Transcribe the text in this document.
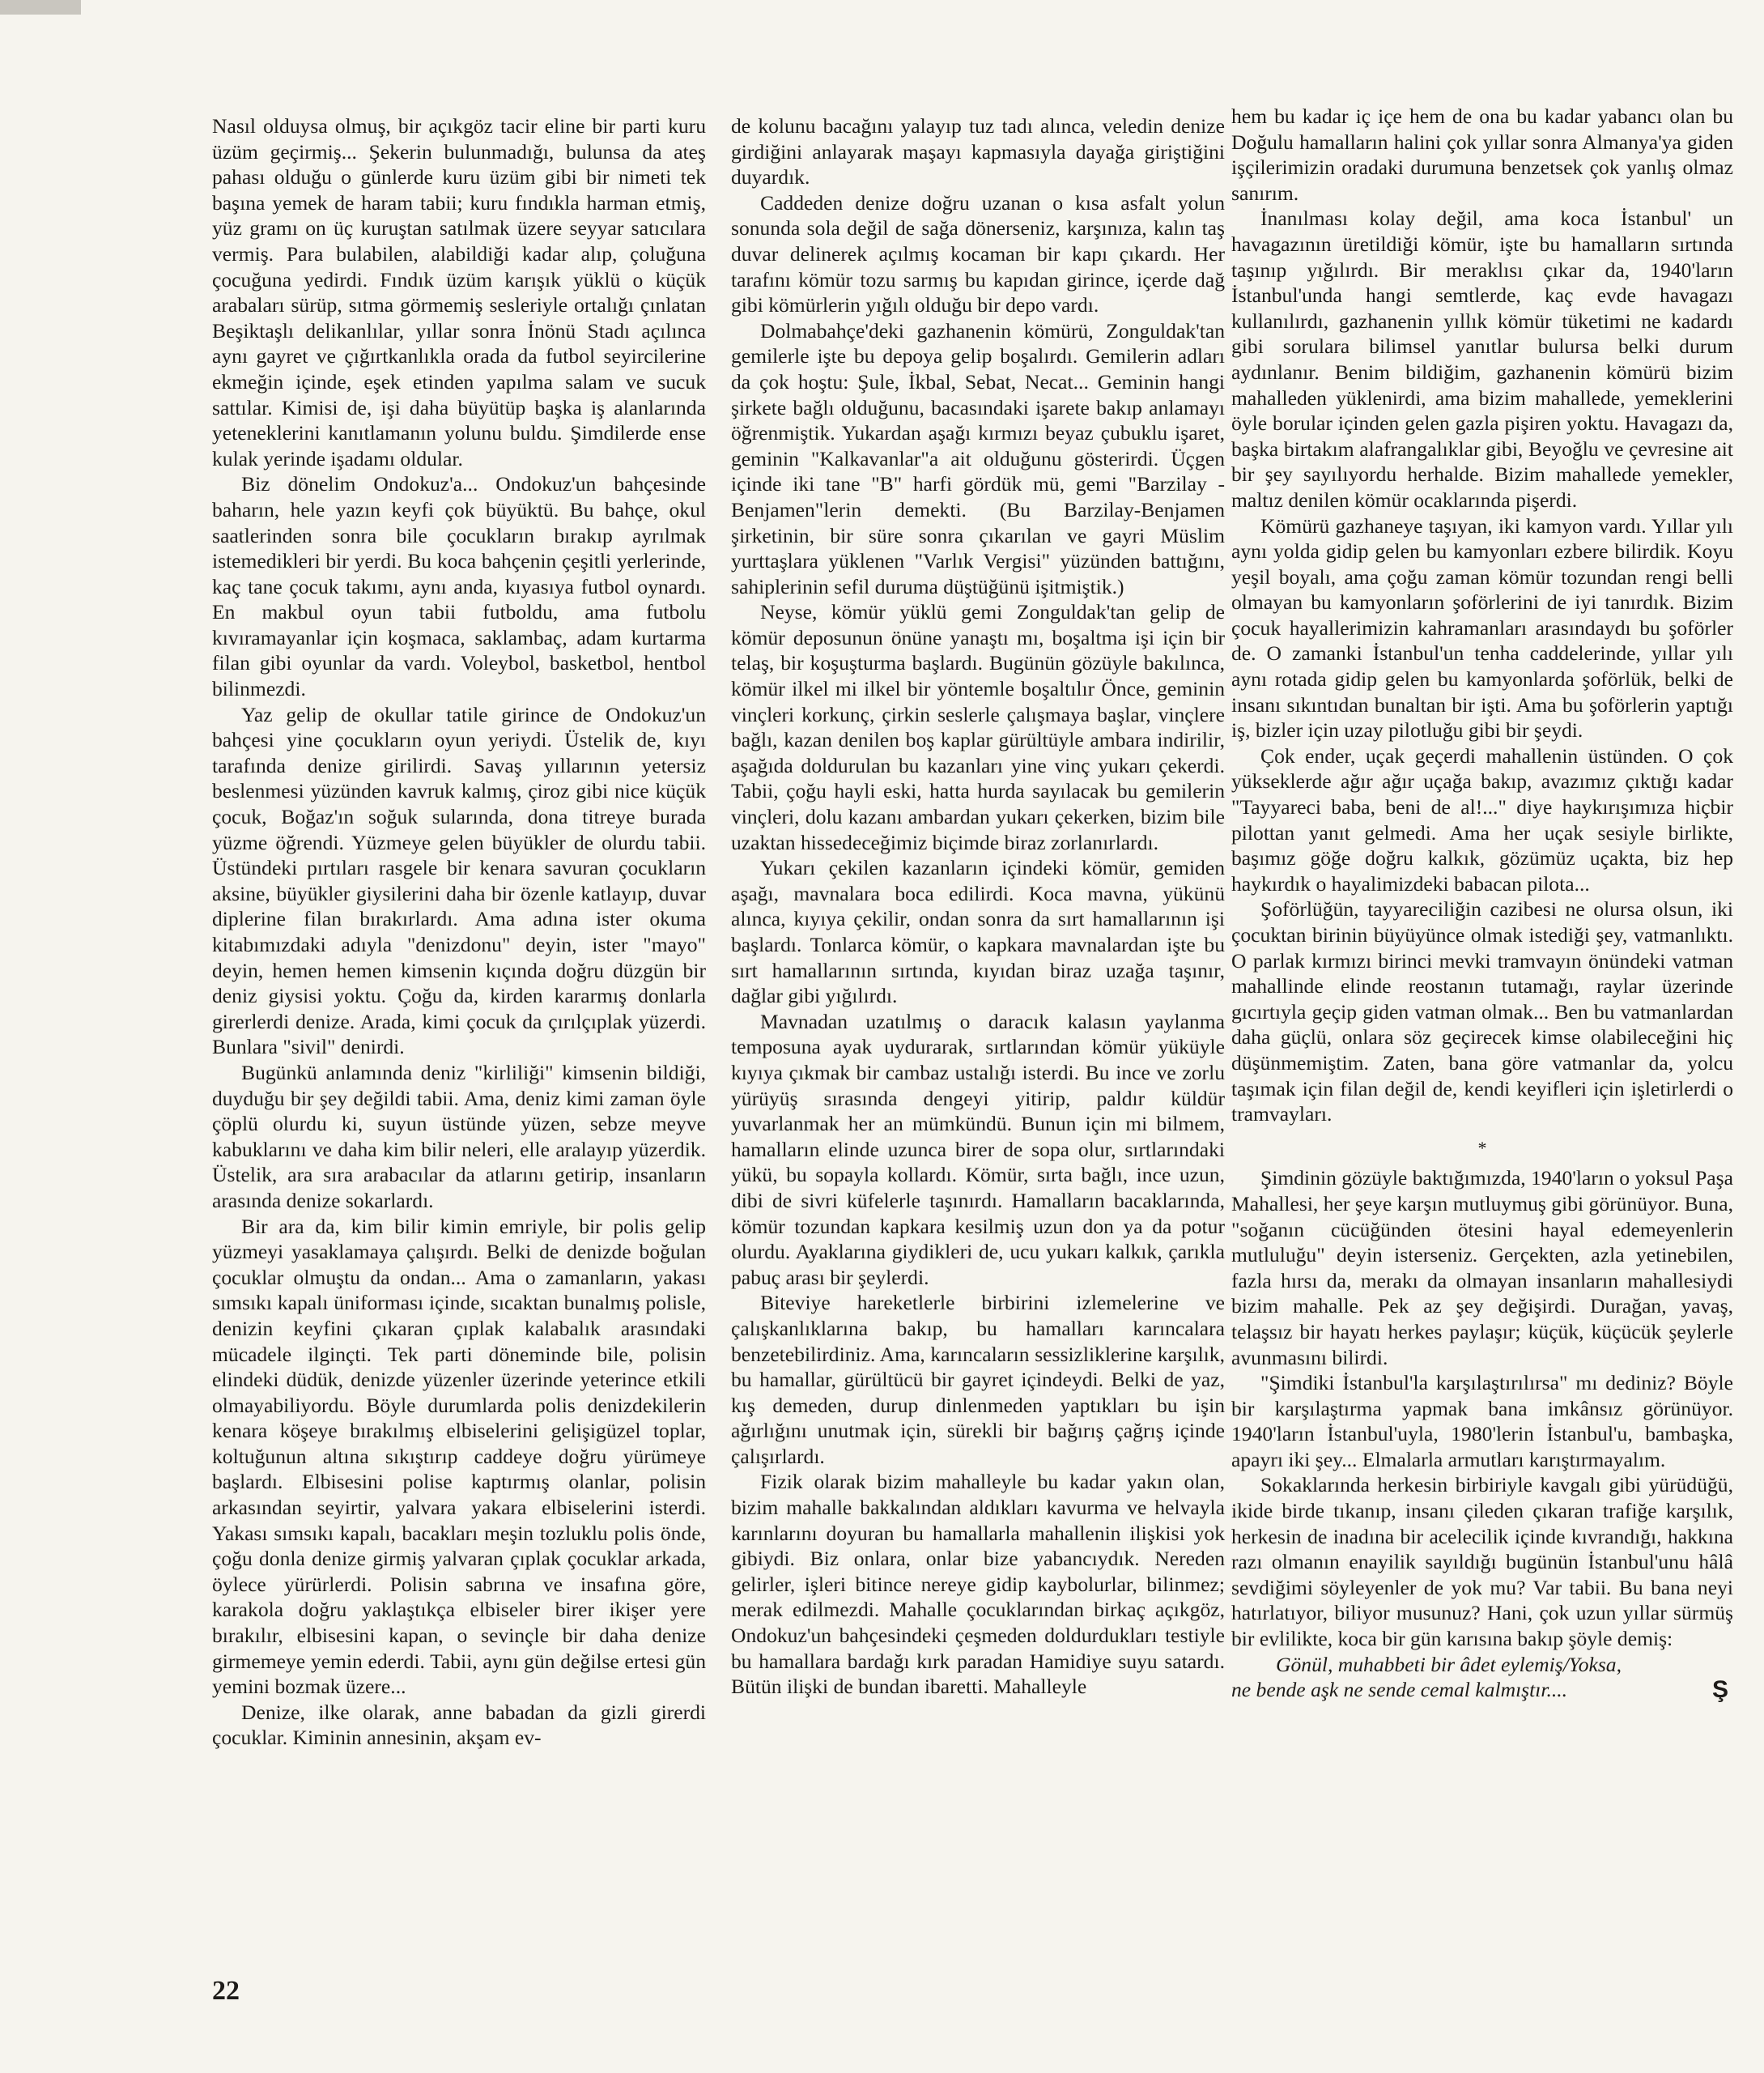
Nasıl olduysa olmuş, bir açıkgöz tacir eline bir parti kuru üzüm geçirmiş... Şekerin bulunmadığı, bulunsa da ateş pahası olduğu o günlerde kuru üzüm gibi bir nimeti tek başına yemek de haram tabii; kuru fındıkla harman etmiş, yüz gramı on üç kuruştan satılmak üzere seyyar satıcılara vermiş. Para bulabilen, alabildiği kadar alıp, çoluğuna çocuğuna yedirdi. Fındık üzüm karışık yüklü o küçük arabaları sürüp, sıtma görmemiş sesleriyle ortalığı çınlatan Beşiktaşlı delikanlılar, yıllar sonra İnönü Stadı açılınca aynı gayret ve çığırtkanlıkla orada da futbol seyircilerine ekmeğin içinde, eşek etinden yapılma salam ve sucuk sattılar. Kimisi de, işi daha büyütüp başka iş alanlarında yeteneklerini kanıtlamanın yolunu buldu. Şimdilerde ense kulak yerinde işadamı oldular.

Biz dönelim Ondokuz'a... Ondokuz'un bahçesinde baharın, hele yazın keyfi çok büyüktü. Bu bahçe, okul saatlerinden sonra bile çocukların bırakıp ayrılmak istemedikleri bir yerdi. Bu koca bahçenin çeşitli yerlerinde, kaç tane çocuk takımı, aynı anda, kıyasıya futbol oynardı. En makbul oyun tabii futboldu, ama futbolu kıvıramayanlar için koşmaca, saklambaç, adam kurtarma filan gibi oyunlar da vardı. Voleybol, basketbol, hentbol bilinmezdi.

Yaz gelip de okullar tatile girince de Ondokuz'un bahçesi yine çocukların oyun yeriydi. Üstelik de, kıyı tarafında denize girilirdi. Savaş yıllarının yetersiz beslenmesi yüzünden kavruk kalmış, çiroz gibi nice küçük çocuk, Boğaz'ın soğuk sularında, dona titreye burada yüzme öğrendi. Yüzmeye gelen büyükler de olurdu tabii. Üstündeki pırtıları rasgele bir kenara savuran çocukların aksine, büyükler giysilerini daha bir özenle katlayıp, duvar diplerine filan bırakırlardı. Ama adına ister okuma kitabımızdaki adıyla "denizdonu" deyin, ister "mayo" deyin, hemen hemen kimsenin kıçında doğru düzgün bir deniz giysisi yoktu. Çoğu da, kirden kararmış donlarla girerlerdi denize. Arada, kimi çocuk da çırılçıplak yüzerdi. Bunlara "sivil" denirdi.

Bugünkü anlamında deniz "kirliliği" kimsenin bildiği, duyduğu bir şey değildi tabii. Ama, deniz kimi zaman öyle çöplü olurdu ki, suyun üstünde yüzen, sebze meyve kabuklarını ve daha kim bilir neleri, elle aralayıp yüzerdik. Üstelik, ara sıra arabacılar da atlarını getirip, insanların arasında denize sokarlardı.

Bir ara da, kim bilir kimin emriyle, bir polis gelip yüzmeyi yasaklamaya çalışırdı. Belki de denizde boğulan çocuklar olmuştu da ondan... Ama o zamanların, yakası sımsıkı kapalı üniforması içinde, sıcaktan bunalmış polisle, denizin keyfini çıkaran çıplak kalabalık arasındaki mücadele ilginçti. Tek parti döneminde bile, polisin elindeki düdük, denizde yüzenler üzerinde yeterince etkili olmayabiliyordu. Böyle durumlarda polis denizdekilerin kenara köşeye bırakılmış elbiselerini gelişigüzel toplar, koltuğunun altına sıkıştırıp caddeye doğru yürümeye başlardı. Elbisesini polise kaptırmış olanlar, polisin arkasından seyirtir, yalvara yakara elbiselerini isterdi. Yakası sımsıkı kapalı, bacakları meşin tozluklu polis önde, çoğu donla denize girmiş yalvaran çıplak çocuklar arkada, öylece yürürlerdi. Polisin sabrına ve insafına göre, karakola doğru yaklaştıkça elbiseler birer ikişer yere bırakılır, elbisesini kapan, o sevinçle bir daha denize girmemeye yemin ederdi. Tabii, aynı gün değilse ertesi gün yemini bozmak üzere...

Denize, ilke olarak, anne babadan da gizli girerdi çocuklar. Kiminin annesinin, akşam ev-

de kolunu bacağını yalayıp tuz tadı alınca, veledin denize girdiğini anlayarak maşayı kapmasıyla dayağa giriştiğini duyardık.

Caddeden denize doğru uzanan o kısa asfalt yolun sonunda sola değil de sağa dönerseniz, karşınıza, kalın taş duvar delinerek açılmış kocaman bir kapı çıkardı. Her tarafını kömür tozu sarmış bu kapıdan girince, içerde dağ gibi kömürlerin yığılı olduğu bir depo vardı.

Dolmabahçe'deki gazhanenin kömürü, Zonguldak'tan gemilerle işte bu depoya gelip boşalırdı. Gemilerin adları da çok hoştu: Şule, İkbal, Sebat, Necat... Geminin hangi şirkete bağlı olduğunu, bacasındaki işarete bakıp anlamayı öğrenmiştik. Yukardan aşağı kırmızı beyaz çubuklu işaret, geminin "Kalkavanlar"a ait olduğunu gösterirdi. Üçgen içinde iki tane "B" harfi gördük mü, gemi "Barzilay - Benjamen"lerin demekti. (Bu Barzilay-Benjamen şirketinin, bir süre sonra çıkarılan ve gayri Müslim yurttaşlara yüklenen "Varlık Vergisi" yüzünden battığını, sahiplerinin sefil duruma düştüğünü işitmiştik.)

Neyse, kömür yüklü gemi Zonguldak'tan gelip de kömür deposunun önüne yanaştı mı, boşaltma işi için bir telaş, bir koşuşturma başlardı. Bugünün gözüyle bakılınca, kömür ilkel mi ilkel bir yöntemle boşaltılır Önce, geminin vinçleri korkunç, çirkin seslerle çalışmaya başlar, vinçlere bağlı, kazan denilen boş kaplar gürültüyle ambara indirilir, aşağıda doldurulan bu kazanları yine vinç yukarı çekerdi. Tabii, çoğu hayli eski, hatta hurda sayılacak bu gemilerin vinçleri, dolu kazanı ambardan yukarı çekerken, bizim bile uzaktan hissedeceğimiz biçimde biraz zorlanırlardı.

Yukarı çekilen kazanların içindeki kömür, gemiden aşağı, mavnalara boca edilirdi. Koca mavna, yükünü alınca, kıyıya çekilir, ondan sonra da sırt hamallarının işi başlardı. Tonlarca kömür, o kapkara mavnalardan işte bu sırt hamallarının sırtında, kıyıdan biraz uzağa taşınır, dağlar gibi yığılırdı.

Mavnadan uzatılmış o daracık kalasın yaylanma temposuna ayak uydurarak, sırtlarından kömür yüküyle kıyıya çıkmak bir cambaz ustalığı isterdi. Bu ince ve zorlu yürüyüş sırasında dengeyi yitirip, paldır küldür yuvarlanmak her an mümkündü. Bunun için mi bilmem, hamalların elinde uzunca birer de sopa olur, sırtlarındaki yükü, bu sopayla kollardı. Kömür, sırta bağlı, ince uzun, dibi de sivri küfelerle taşınırdı. Hamalların bacaklarında, kömür tozundan kapkara kesilmiş uzun don ya da potur olurdu. Ayaklarına giydikleri de, ucu yukarı kalkık, çarıkla pabuç arası bir şeylerdi.

Biteviye hareketlerle birbirini izlemelerine ve çalışkanlıklarına bakıp, bu hamalları karıncalara benzetebilirdiniz. Ama, karıncaların sessizliklerine karşılık, bu hamallar, gürültücü bir gayret içindeydi. Belki de yaz, kış demeden, durup dinlenmeden yaptıkları bu işin ağırlığını unutmak için, sürekli bir bağırış çağrış içinde çalışırlardı.

Fizik olarak bizim mahalleyle bu kadar yakın olan, bizim mahalle bakkalından aldıkları kavurma ve helvayla karınlarını doyuran bu hamallarla mahallenin ilişkisi yok gibiydi. Biz onlara, onlar bize yabancıydık. Nereden gelirler, işleri bitince nereye gidip kaybolurlar, bilinmez; merak edilmezdi. Mahalle çocuklarından birkaç açıkgöz, Ondokuz'un bahçesindeki çeşmeden doldurdukları testiyle bu hamallara bardağı kırk paradan Hamidiye suyu satardı. Bütün ilişki de bundan ibaretti. Mahalleyle

hem bu kadar iç içe hem de ona bu kadar yabancı olan bu Doğulu hamalların halini çok yıllar sonra Almanya'ya giden işçilerimizin oradaki durumuna benzetsek çok yanlış olmaz sanırım.

İnanılması kolay değil, ama koca İstanbul' un havagazının üretildiği kömür, işte bu hamalların sırtında taşınıp yığılırdı. Bir meraklısı çıkar da, 1940'ların İstanbul'unda hangi semtlerde, kaç evde havagazı kullanılırdı, gazhanenin yıllık kömür tüketimi ne kadardı gibi sorulara bilimsel yanıtlar bulursa belki durum aydınlanır. Benim bildiğim, gazhanenin kömürü bizim mahalleden yüklenirdi, ama bizim mahallede, yemeklerini öyle borular içinden gelen gazla pişiren yoktu. Havagazı da, başka birtakım alafrangalıklar gibi, Beyoğlu ve çevresine ait bir şey sayılıyordu herhalde. Bizim mahallede yemekler, maltız denilen kömür ocaklarında pişerdi.

Kömürü gazhaneye taşıyan, iki kamyon vardı. Yıllar yılı aynı yolda gidip gelen bu kamyonları ezbere bilirdik. Koyu yeşil boyalı, ama çoğu zaman kömür tozundan rengi belli olmayan bu kamyonların şoförlerini de iyi tanırdık. Bizim çocuk hayallerimizin kahramanları arasındaydı bu şoförler de. O zamanki İstanbul'un tenha caddelerinde, yıllar yılı aynı rotada gidip gelen bu kamyonlarda şoförlük, belki de insanı sıkıntıdan bunaltan bir işti. Ama bu şoförlerin yaptığı iş, bizler için uzay pilotluğu gibi bir şeydi.

Çok ender, uçak geçerdi mahallenin üstünden. O çok yükseklerde ağır ağır uçağa bakıp, avazımız çıktığı kadar "Tayyareci baba, beni de al!..." diye haykırışımıza hiçbir pilottan yanıt gelmedi. Ama her uçak sesiyle birlikte, başımız göğe doğru kalkık, gözümüz uçakta, biz hep haykırdık o hayalimizdeki babacan pilota...

Şoförlüğün, tayyareciliğin cazibesi ne olursa olsun, iki çocuktan birinin büyüyünce olmak istediği şey, vatmanlıktı. O parlak kırmızı birinci mevki tramvayın önündeki vatman mahallinde elinde reostanın tutamağı, raylar üzerinde gıcırtıyla geçip giden vatman olmak... Ben bu vatmanlardan daha güçlü, onlara söz geçirecek kimse olabileceğini hiç düşünmemiştim. Zaten, bana göre vatmanlar da, yolcu taşımak için filan değil de, kendi keyifleri için işletirlerdi o tramvayları.

*

Şimdinin gözüyle baktığımızda, 1940'ların o yoksul Paşa Mahallesi, her şeye karşın mutluymuş gibi görünüyor. Buna, "soğanın cücüğünden ötesini hayal edemeyenlerin mutluluğu" deyin isterseniz. Gerçekten, azla yetinebilen, fazla hırsı da, merakı da olmayan insanların mahallesiydi bizim mahalle. Pek az şey değişirdi. Durağan, yavaş, telaşsız bir hayatı herkes paylaşır; küçük, küçücük şeylerle avunmasını bilirdi.

"Şimdiki İstanbul'la karşılaştırılırsa" mı dediniz? Böyle bir karşılaştırma yapmak bana imkânsız görünüyor. 1940'ların İstanbul'uyla, 1980'lerin İstanbul'u, bambaşka, apayrı iki şey... Elmalarla armutları karıştırmayalım.

Sokaklarında herkesin birbiriyle kavgalı gibi yürüdüğü, ikide birde tıkanıp, insanı çileden çıkaran trafiğe karşılık, herkesin de inadına bir acelecilik içinde kıvrandığı, hakkına razı olmanın enayilik sayıldığı bugünün İstanbul'unu hâlâ sevdiğimi söyleyenler de yok mu? Var tabii. Bu bana neyi hatırlatıyor, biliyor musunuz? Hani, çok uzun yıllar sürmüş bir evlilikte, koca bir gün karısına bakıp şöyle demiş:

Gönül, muhabbeti bir âdet eylemiş/Yoksa,
ne bende aşk ne sende cemal kalmıştır....	Ş

22
